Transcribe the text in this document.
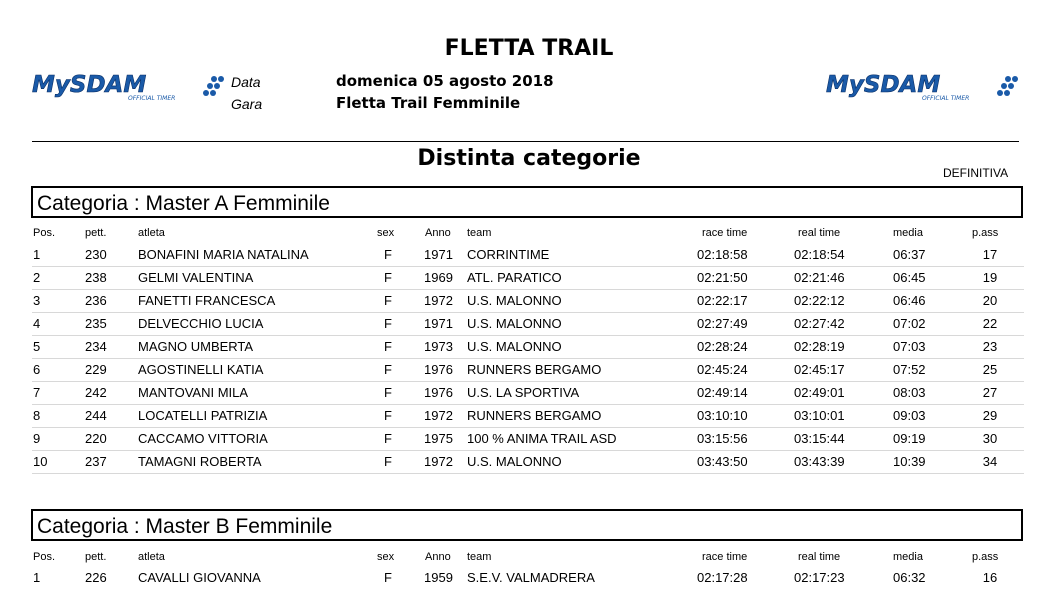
FLETTA TRAIL
MySDAM
OFFICIAL TIMER
MySDAM
OFFICIAL TIMER
Data
Gara
domenica 05 agosto 2018
Fletta Trail Femminile
Distinta categorie
DEFINITIVA
Categoria : Master A Femminile
Pos.	pett.	atleta	sex	Anno team	race time	real time	media	p.ass
1	230 BONAFINI MARIA NATALINA	F 1971 CORRINTIME	02:18:58	02:18:54	06:37	17
2	238 GELMI VALENTINA	F 1969 ATL. PARATICO	02:21:50	02:21:46	06:45	19
3	236 FANETTI FRANCESCA	F 1972 U.S. MALONNO	02:22:17	02:22:12	06:46	20
4	235 DELVECCHIO LUCIA	F 1971 U.S. MALONNO	02:27:49	02:27:42	07:02	22
5	234 MAGNO UMBERTA	F 1973 U.S. MALONNO	02:28:24	02:28:19	07:03	23
6	229 AGOSTINELLI KATIA	F 1976 RUNNERS BERGAMO	02:45:24	02:45:17	07:52	25
7	242 MANTOVANI MILA	F 1976 U.S. LA SPORTIVA	02:49:14	02:49:01	08:03	27
8	244 LOCATELLI PATRIZIA	F 1972 RUNNERS BERGAMO	03:10:10	03:10:01	09:03	29
9	220 CACCAMO VITTORIA	F 1975 100 % ANIMA TRAIL ASD	03:15:56	03:15:44	09:19	30
10	237 TAMAGNI ROBERTA	F 1972 U.S. MALONNO	03:43:50	03:43:39	10:39	34
Categoria : Master B Femminile
Pos.	pett.	atleta	sex	Anno team	race time	real time	media	p.ass
1	226 CAVALLI GIOVANNA	F 1959 S.E.V. VALMADRERA	02:17:28	02:17:23	06:32	16
